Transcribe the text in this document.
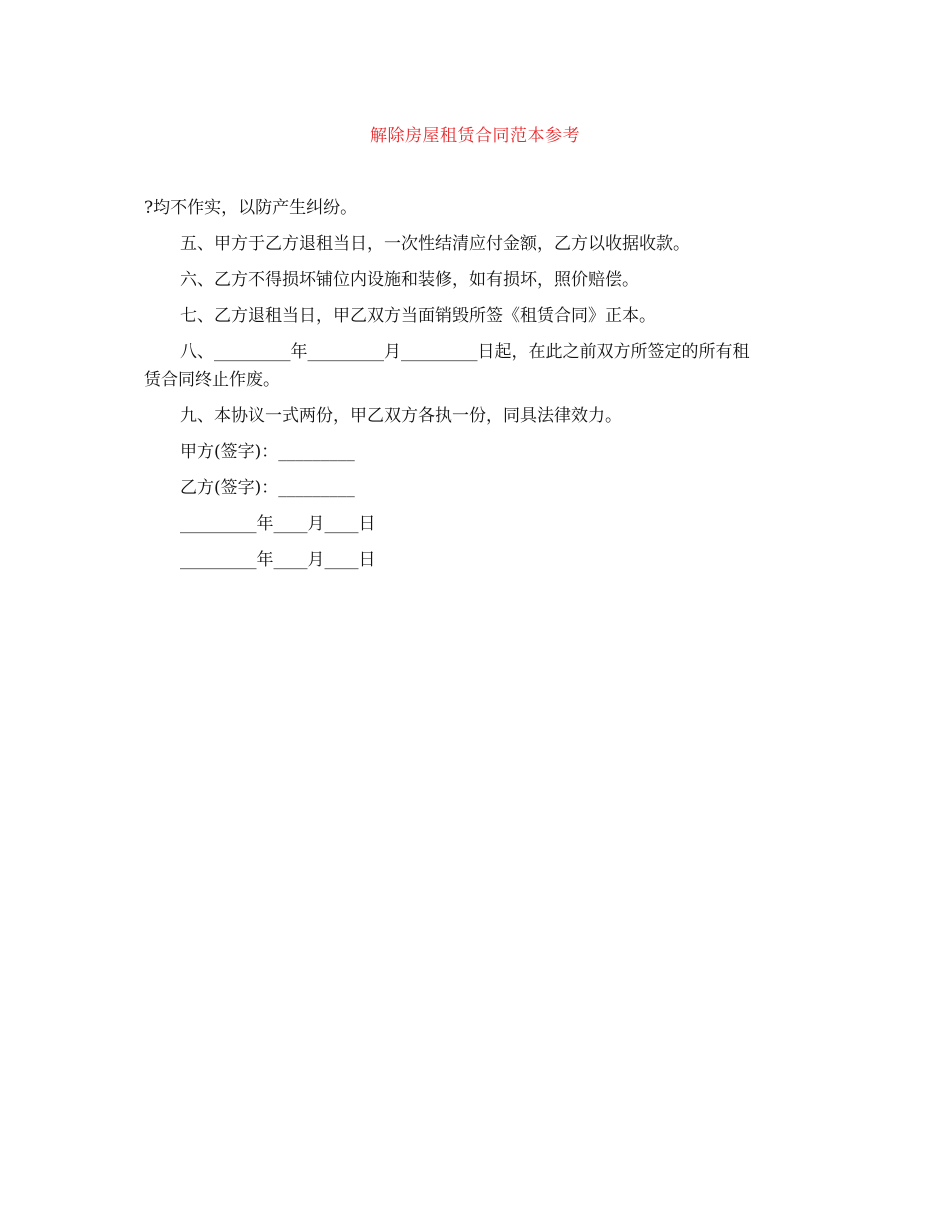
解除房屋租赁合同范本参考
?均不作实，以防产生纠纷。
五、甲方于乙方退租当日，一次性结清应付金额，乙方以收据收款。
六、乙方不得损坏铺位内设施和装修，如有损坏，照价赔偿。
七、乙方退租当日，甲乙双方当面销毁所签《租赁合同》正本。
八、_________年_________月_________日起，在此之前双方所签定的所有租
赁合同终止作废。
九、本协议一式两份，甲乙双方各执一份，同具法律效力。
甲方(签字)：_________
乙方(签字)：_________
_________年____月____日
_________年____月____日
